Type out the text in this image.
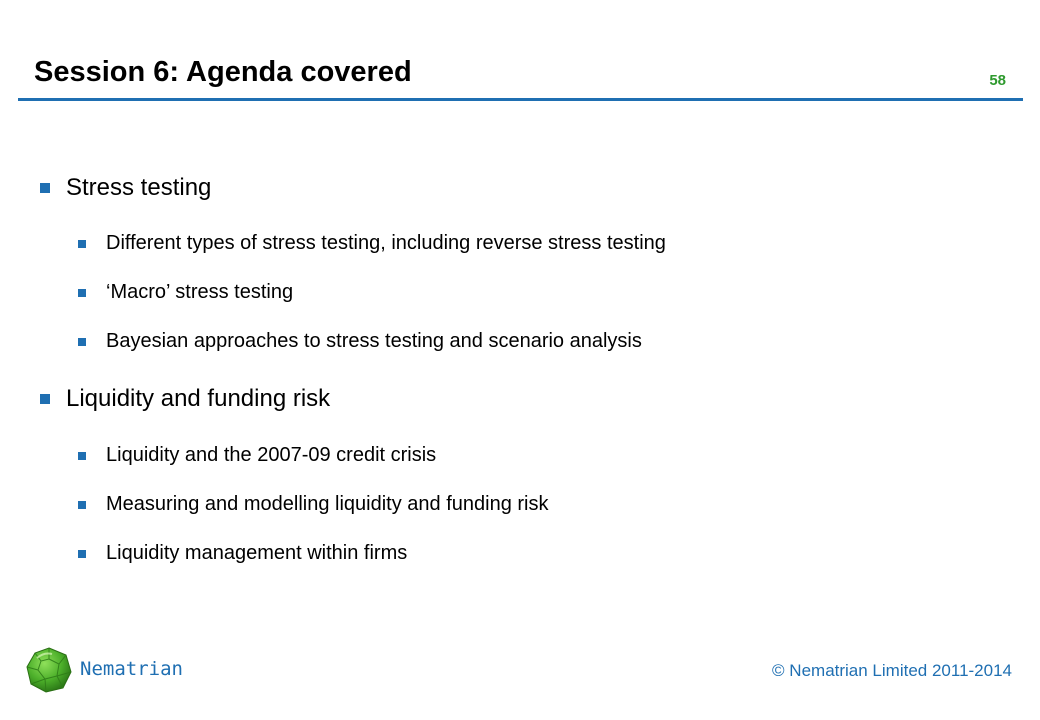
Session 6: Agenda covered	58
Stress testing
Different types of stress testing, including reverse stress testing
‘Macro’ stress testing
Bayesian approaches to stress testing and scenario analysis
Liquidity and funding risk
Liquidity and the 2007-09 credit crisis
Measuring and modelling liquidity and funding risk
Liquidity management within firms
Nematrian	© Nematrian Limited 2011-2014
